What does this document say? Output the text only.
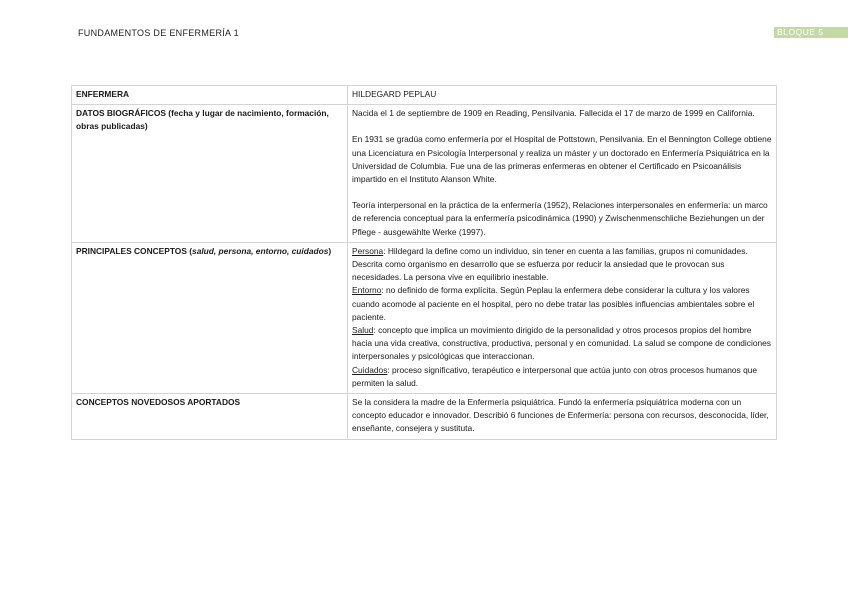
FUNDAMENTOS DE ENFERMERÍA 1	BLOQUE 5
ENFERMERA	HILDEGARD PEPLAU
DATOS BIOGRÁFICOS (fecha y lugar de nacimiento, formación, obras publicadas)	Nacida el 1 de septiembre de 1909 en Reading, Pensilvania. Fallecida el 17 de marzo de 1999 en California.

En 1931 se gradúa como enfermería por el Hospital de Pottstown, Pensilvania. En el Bennington College obtiene una Licenciatura en Psicología Interpersonal y realiza un máster y un doctorado en Enfermería Psiquiátrica en la Universidad de Columbia. Fue una de las primeras enfermeras en obtener el Certificado en Psicoanálisis impartido en el Instituto Alanson White.

Teoría interpersonal en la práctica de la enfermería (1952), Relaciones interpersonales en enfermería: un marco de referencia conceptual para la enfermería psicodinámica (1990) y Zwischenmenschliche Beziehungen un der Pflege - ausgewählte Werke (1997).

PRINCIPALES CONCEPTOS (salud, persona, entorno, cuidados)	Persona: Hildegard la define como un individuo, sin tener en cuenta a las familias, grupos ni comunidades. Descrita como organismo en desarrollo que se esfuerza por reducir la ansiedad que le provocan sus necesidades. La persona vive en equilibrio inestable.

Entorno: no definido de forma explícita. Según Peplau la enfermera debe considerar la cultura y los valores cuando acomode al paciente en el hospital, pero no debe tratar las posibles influencias ambientales sobre el paciente.

Salud: concepto que implica un movimiento dirigido de la personalidad y otros procesos propios del hombre hacia una vida creativa, constructiva, productiva, personal y en comunidad. La salud se compone de condiciones interpersonales y psicológicas que interaccionan.

Cuidados: proceso significativo, terapéutico e interpersonal que actúa junto con otros procesos humanos que permiten la salud.

CONCEPTOS NOVEDOSOS APORTADOS	Se la considera la madre de la Enfermería psiquiátrica. Fundó la enfermería psiquiátrica moderna con un concepto educador e innovador. Describió 6 funciones de Enfermería: persona con recursos, desconocida, líder, enseñante, consejera y sustituta.
